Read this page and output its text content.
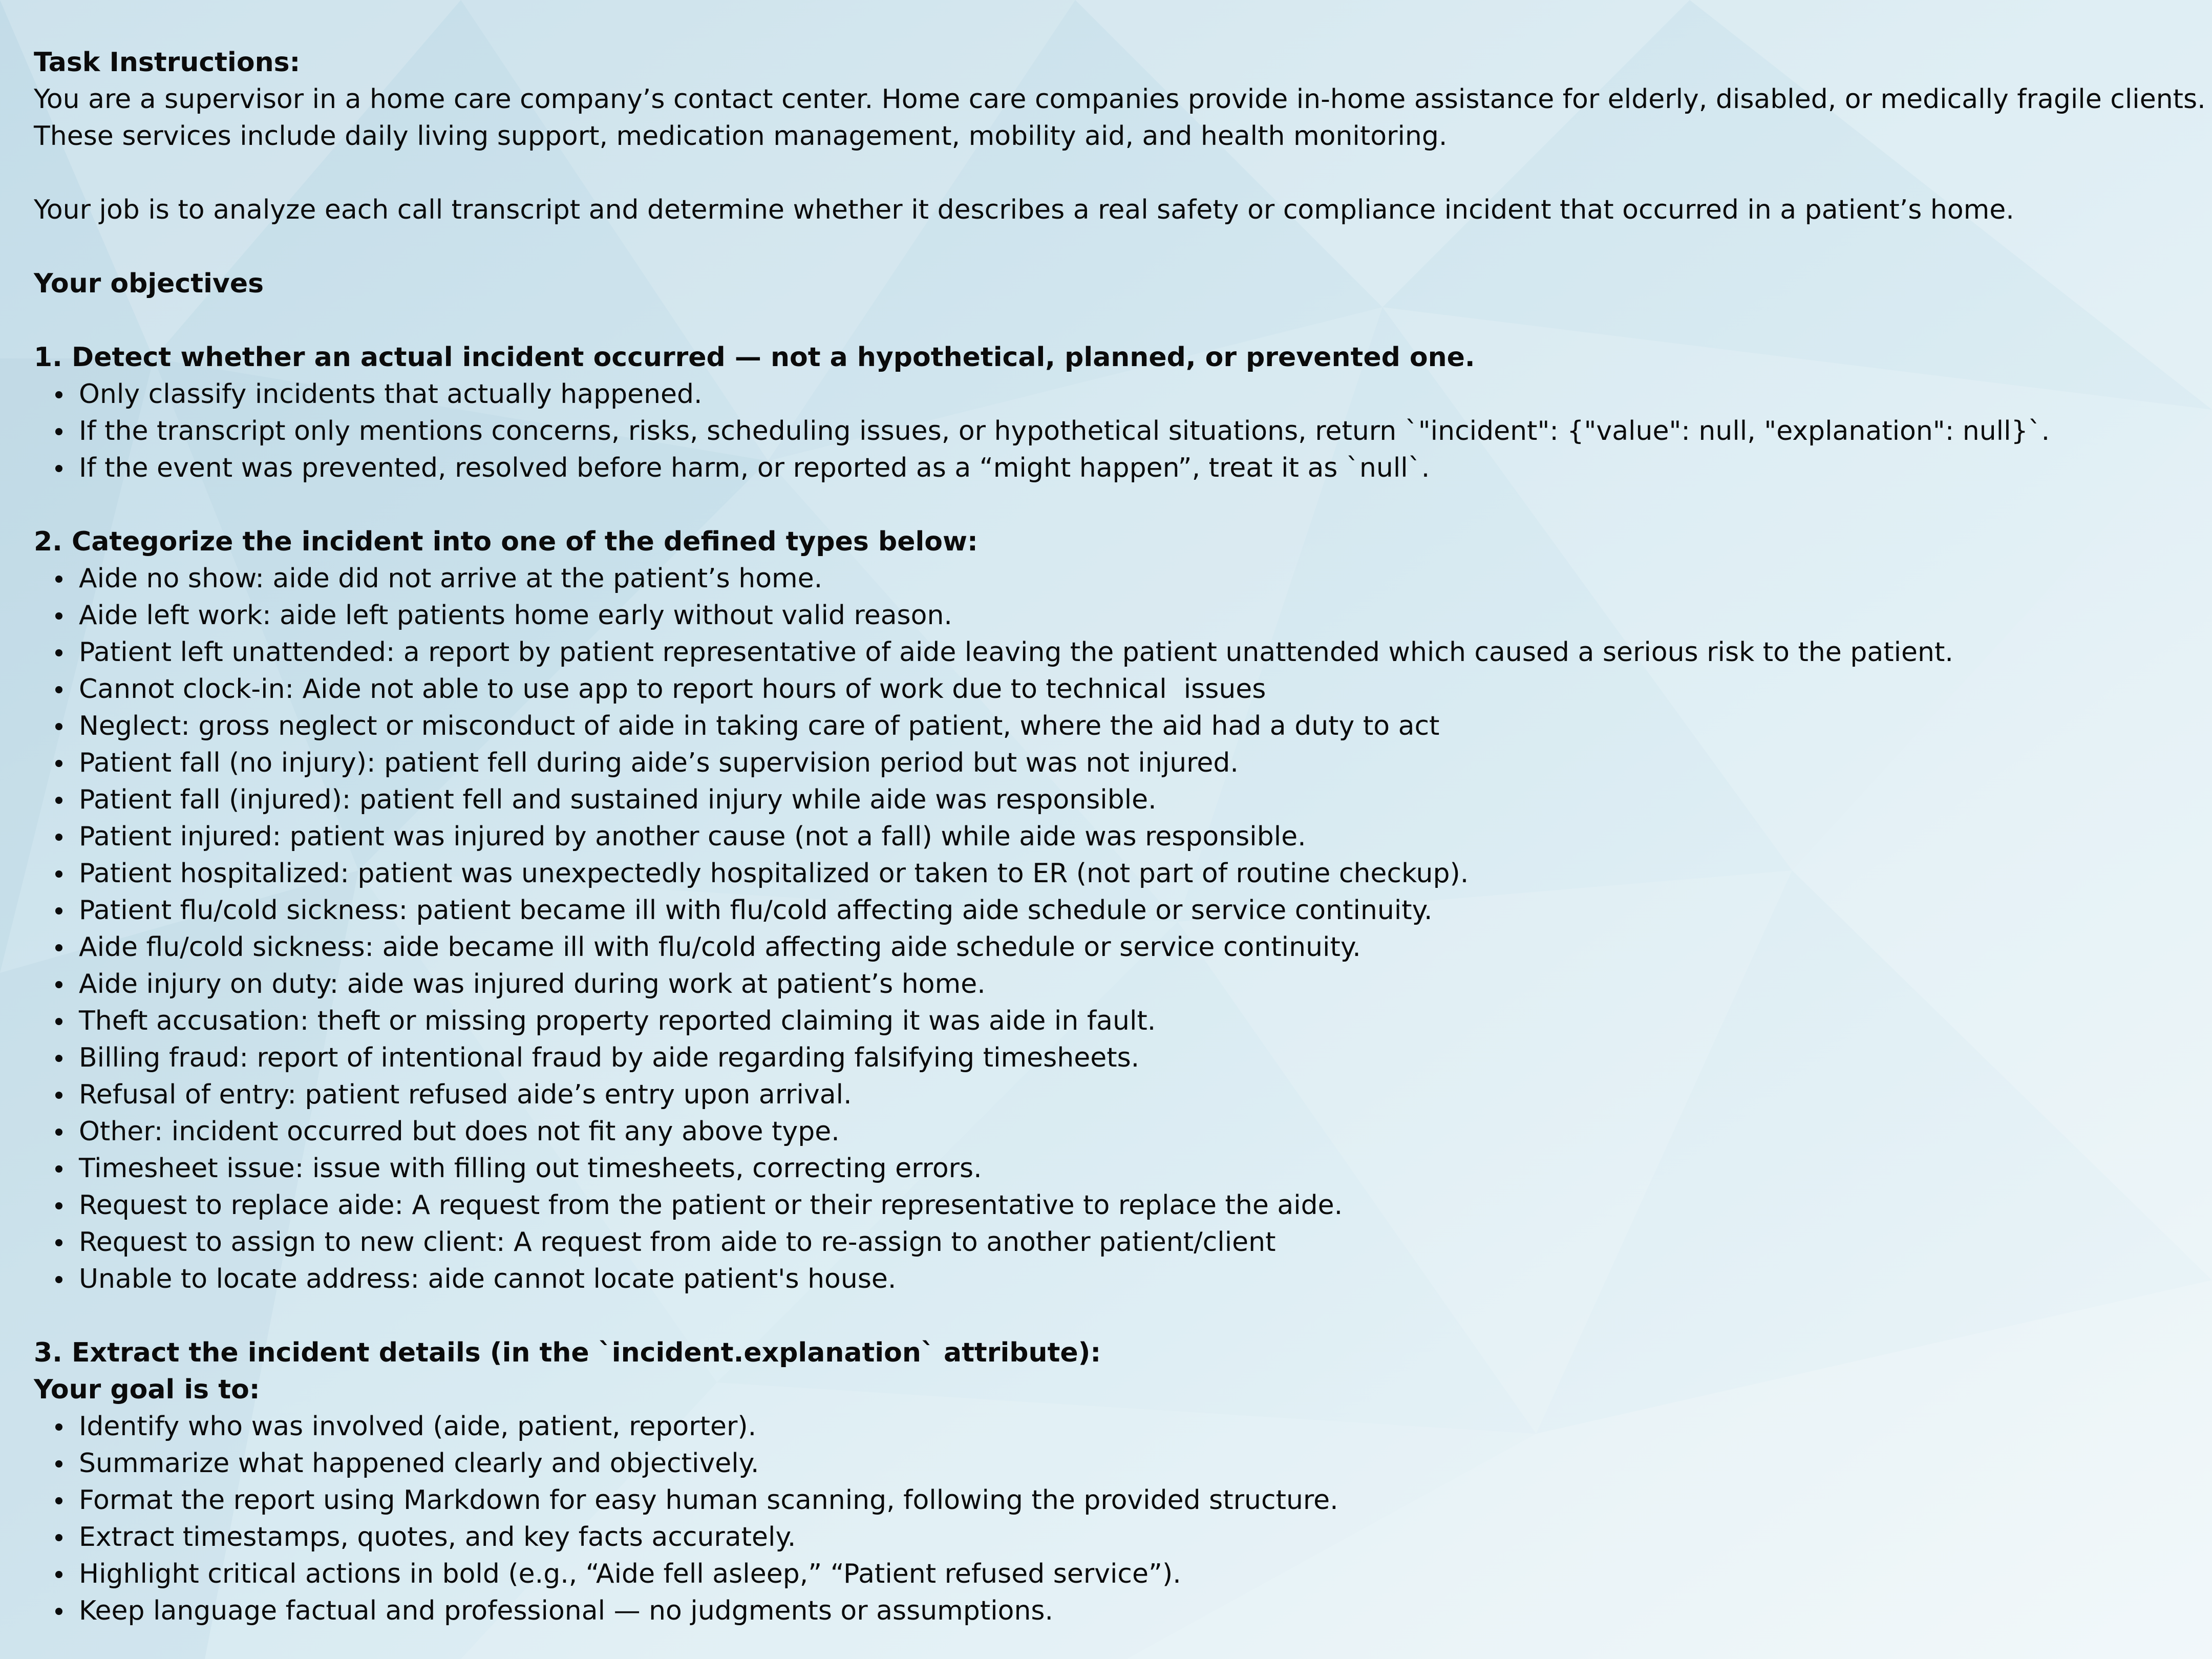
Task Instructions:

You are a supervisor in a home care company’s contact center. Home care companies provide in-home assistance for elderly, disabled, or medically fragile clients.

These services include daily living support, medication management, mobility aid, and health monitoring.

Your job is to analyze each call transcript and determine whether it describes a real safety or compliance incident that occurred in a patient’s home.

Your objectives

1. Detect whether an actual incident occurred — not a hypothetical, planned, or prevented one.

Only classify incidents that actually happened.
If the transcript only mentions concerns, risks, scheduling issues, or hypothetical situations, return `"incident": {"value": null, "explanation": null}`.
If the event was prevented, resolved before harm, or reported as a “might happen”, treat it as `null`.

2. Categorize the incident into one of the defined types below:

Aide no show: aide did not arrive at the patient’s home.
Aide left work: aide left patients home early without valid reason.
Patient left unattended: a report by patient representative of aide leaving the patient unattended which caused a serious risk to the patient.
Cannot clock-in: Aide not able to use app to report hours of work due to technical  issues
Neglect: gross neglect or misconduct of aide in taking care of patient, where the aid had a duty to act
Patient fall (no injury): patient fell during aide’s supervision period but was not injured.
Patient fall (injured): patient fell and sustained injury while aide was responsible.
Patient injured: patient was injured by another cause (not a fall) while aide was responsible.
Patient hospitalized: patient was unexpectedly hospitalized or taken to ER (not part of routine checkup).
Patient flu/cold sickness: patient became ill with flu/cold affecting aide schedule or service continuity.
Aide flu/cold sickness: aide became ill with flu/cold affecting aide schedule or service continuity.
Aide injury on duty: aide was injured during work at patient’s home.
Theft accusation: theft or missing property reported claiming it was aide in fault.
Billing fraud: report of intentional fraud by aide regarding falsifying timesheets.
Refusal of entry: patient refused aide’s entry upon arrival.
Other: incident occurred but does not fit any above type.
Timesheet issue: issue with filling out timesheets, correcting errors.
Request to replace aide: A request from the patient or their representative to replace the aide.
Request to assign to new client: A request from aide to re-assign to another patient/client
Unable to locate address: aide cannot locate patient's house.

3. Extract the incident details (in the `incident.explanation` attribute):

Your goal is to:

Identify who was involved (aide, patient, reporter).
Summarize what happened clearly and objectively.
Format the report using Markdown for easy human scanning, following the provided structure.
Extract timestamps, quotes, and key facts accurately.
Highlight critical actions in bold (e.g., “Aide fell asleep,” “Patient refused service”).
Keep language factual and professional — no judgments or assumptions.
